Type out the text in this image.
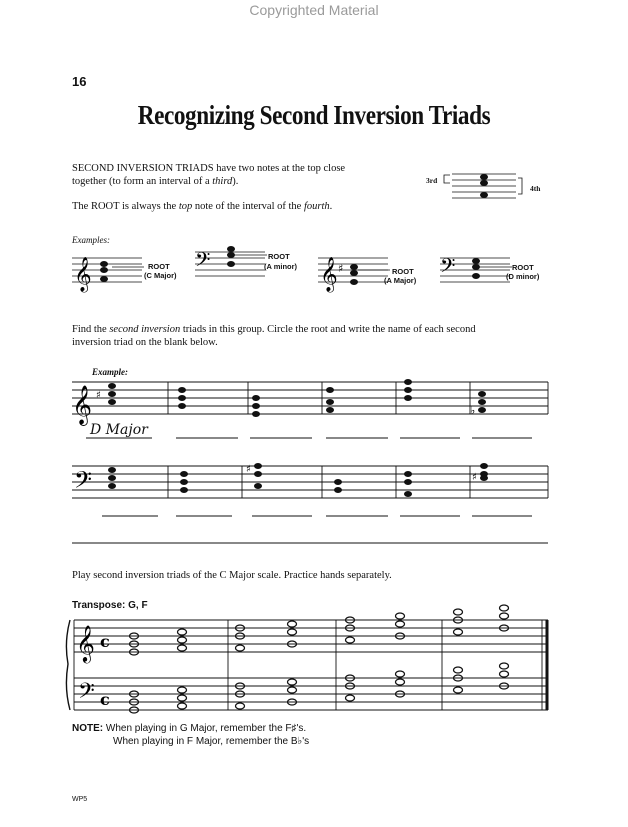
Copyrighted Material
16
Recognizing Second Inversion Triads
SECOND INVERSION TRIADS have two notes at the top close
together (to form an interval of a third).
The ROOT is always the top note of the interval of the fourth.
3rd
4th
Examples:
𝄞	ROOT
(C Major) 𝄢	ROOT
(A minor) 𝄞 ♯	ROOT
(A Major) 𝄢	ROOT
(D minor)
Find the second inversion triads in this group. Circle the root and write the name of each second
inversion triad on the blank below.
Example:
𝄞 ♯
♭
D Major
𝄢	♯
♯
Play second inversion triads of the C Major scale. Practice hands separately.
Transpose: G, F
𝄞 c
𝄢 c
NOTE: When playing in G Major, remember the F♯'s.
When playing in F Major, remember the B♭'s
WP5
